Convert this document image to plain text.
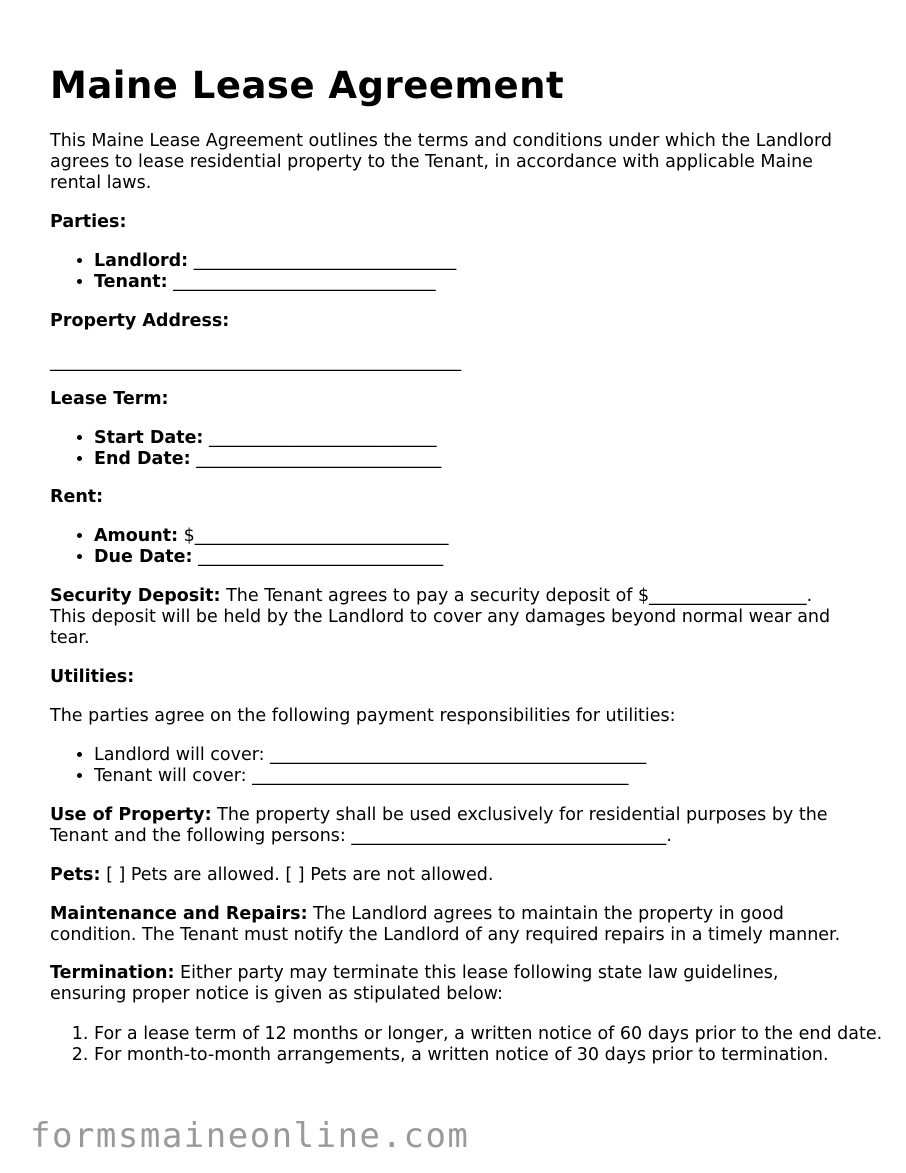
Maine Lease Agreement

This Maine Lease Agreement outlines the terms and conditions under which the Landlord agrees to lease residential property to the Tenant, in accordance with applicable Maine rental laws.

Parties:

• Landlord: ______________________________
• Tenant: ______________________________

Property Address:

_______________________________________________

Lease Term:

• Start Date: __________________________
• End Date: ____________________________

Rent:

• Amount: $_____________________________
• Due Date: ____________________________

Security Deposit: The Tenant agrees to pay a security deposit of $__________________. This deposit will be held by the Landlord to cover any damages beyond normal wear and tear.

Utilities:

The parties agree on the following payment responsibilities for utilities:

• Landlord will cover: ___________________________________________
• Tenant will cover: ___________________________________________

Use of Property: The property shall be used exclusively for residential purposes by the Tenant and the following persons: ____________________________________.

Pets: [ ] Pets are allowed. [ ] Pets are not allowed.

Maintenance and Repairs: The Landlord agrees to maintain the property in good condition. The Tenant must notify the Landlord of any required repairs in a timely manner.

Termination: Either party may terminate this lease following state law guidelines, ensuring proper notice is given as stipulated below:

1. For a lease term of 12 months or longer, a written notice of 60 days prior to the end date.
2. For month-to-month arrangements, a written notice of 30 days prior to termination.
formsmaineonline.com
